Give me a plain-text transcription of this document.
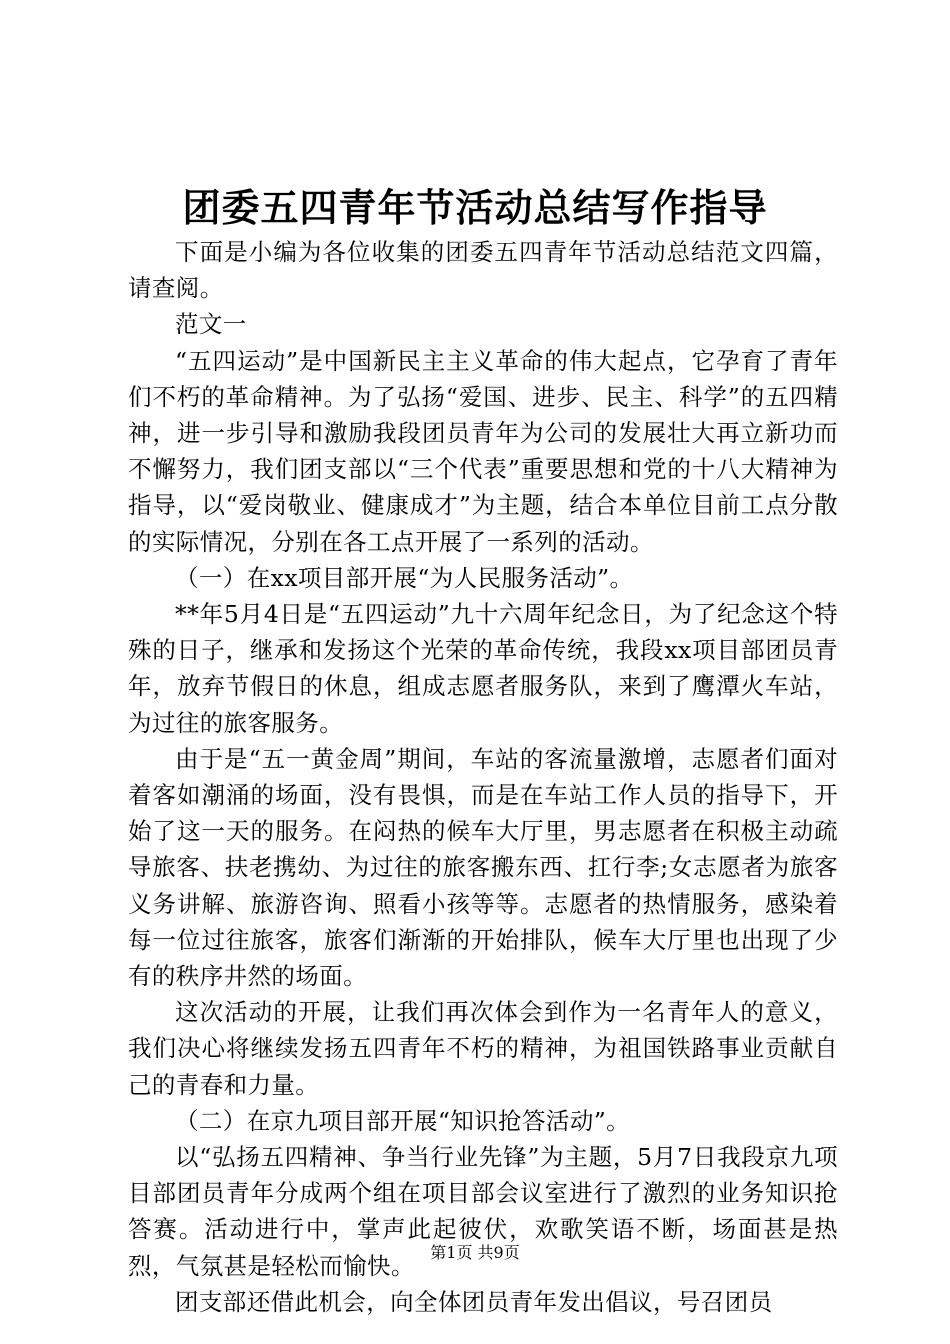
团委五四青年节活动总结写作指导

下面是小编为各位收集的团委五四青年节活动总结范文四篇，请查阅。

范文一

“五四运动”是中国新民主主义革命的伟大起点，它孕育了青年们不朽的革命精神。为了弘扬“爱国、进步、民主、科学”的五四精神，进一步引导和激励我段团员青年为公司的发展壮大再立新功而不懈努力，我们团支部以“三个代表”重要思想和党的十八大精神为指导，以“爱岗敬业、健康成才”为主题，结合本单位目前工点分散的实际情况，分别在各工点开展了一系列的活动。

（一）在xx项目部开展“为人民服务活动”。

**年5月4日是“五四运动”九十六周年纪念日，为了纪念这个特殊的日子，继承和发扬这个光荣的革命传统，我段xx项目部团员青年，放弃节假日的休息，组成志愿者服务队，来到了鹰潭火车站，为过往的旅客服务。

由于是“五一黄金周”期间，车站的客流量激增，志愿者们面对着客如潮涌的场面，没有畏惧，而是在车站工作人员的指导下，开始了这一天的服务。在闷热的候车大厅里，男志愿者在积极主动疏导旅客、扶老携幼、为过往的旅客搬东西、扛行李;女志愿者为旅客义务讲解、旅游咨询、照看小孩等等。志愿者的热情服务，感染着每一位过往旅客，旅客们渐渐的开始排队，候车大厅里也出现了少有的秩序井然的场面。

这次活动的开展，让我们再次体会到作为一名青年人的意义，我们决心将继续发扬五四青年不朽的精神，为祖国铁路事业贡献自己的青春和力量。

（二）在京九项目部开展“知识抢答活动”。

以“弘扬五四精神、争当行业先锋”为主题，5月7日我段京九项目部团员青年分成两个组在项目部会议室进行了激烈的业务知识抢答赛。活动进行中，掌声此起彼伏，欢歌笑语不断，场面甚是热烈，气氛甚是轻松而愉快。

团支部还借此机会，向全体团员青年发出倡议，号召团员

第1页 共9页
